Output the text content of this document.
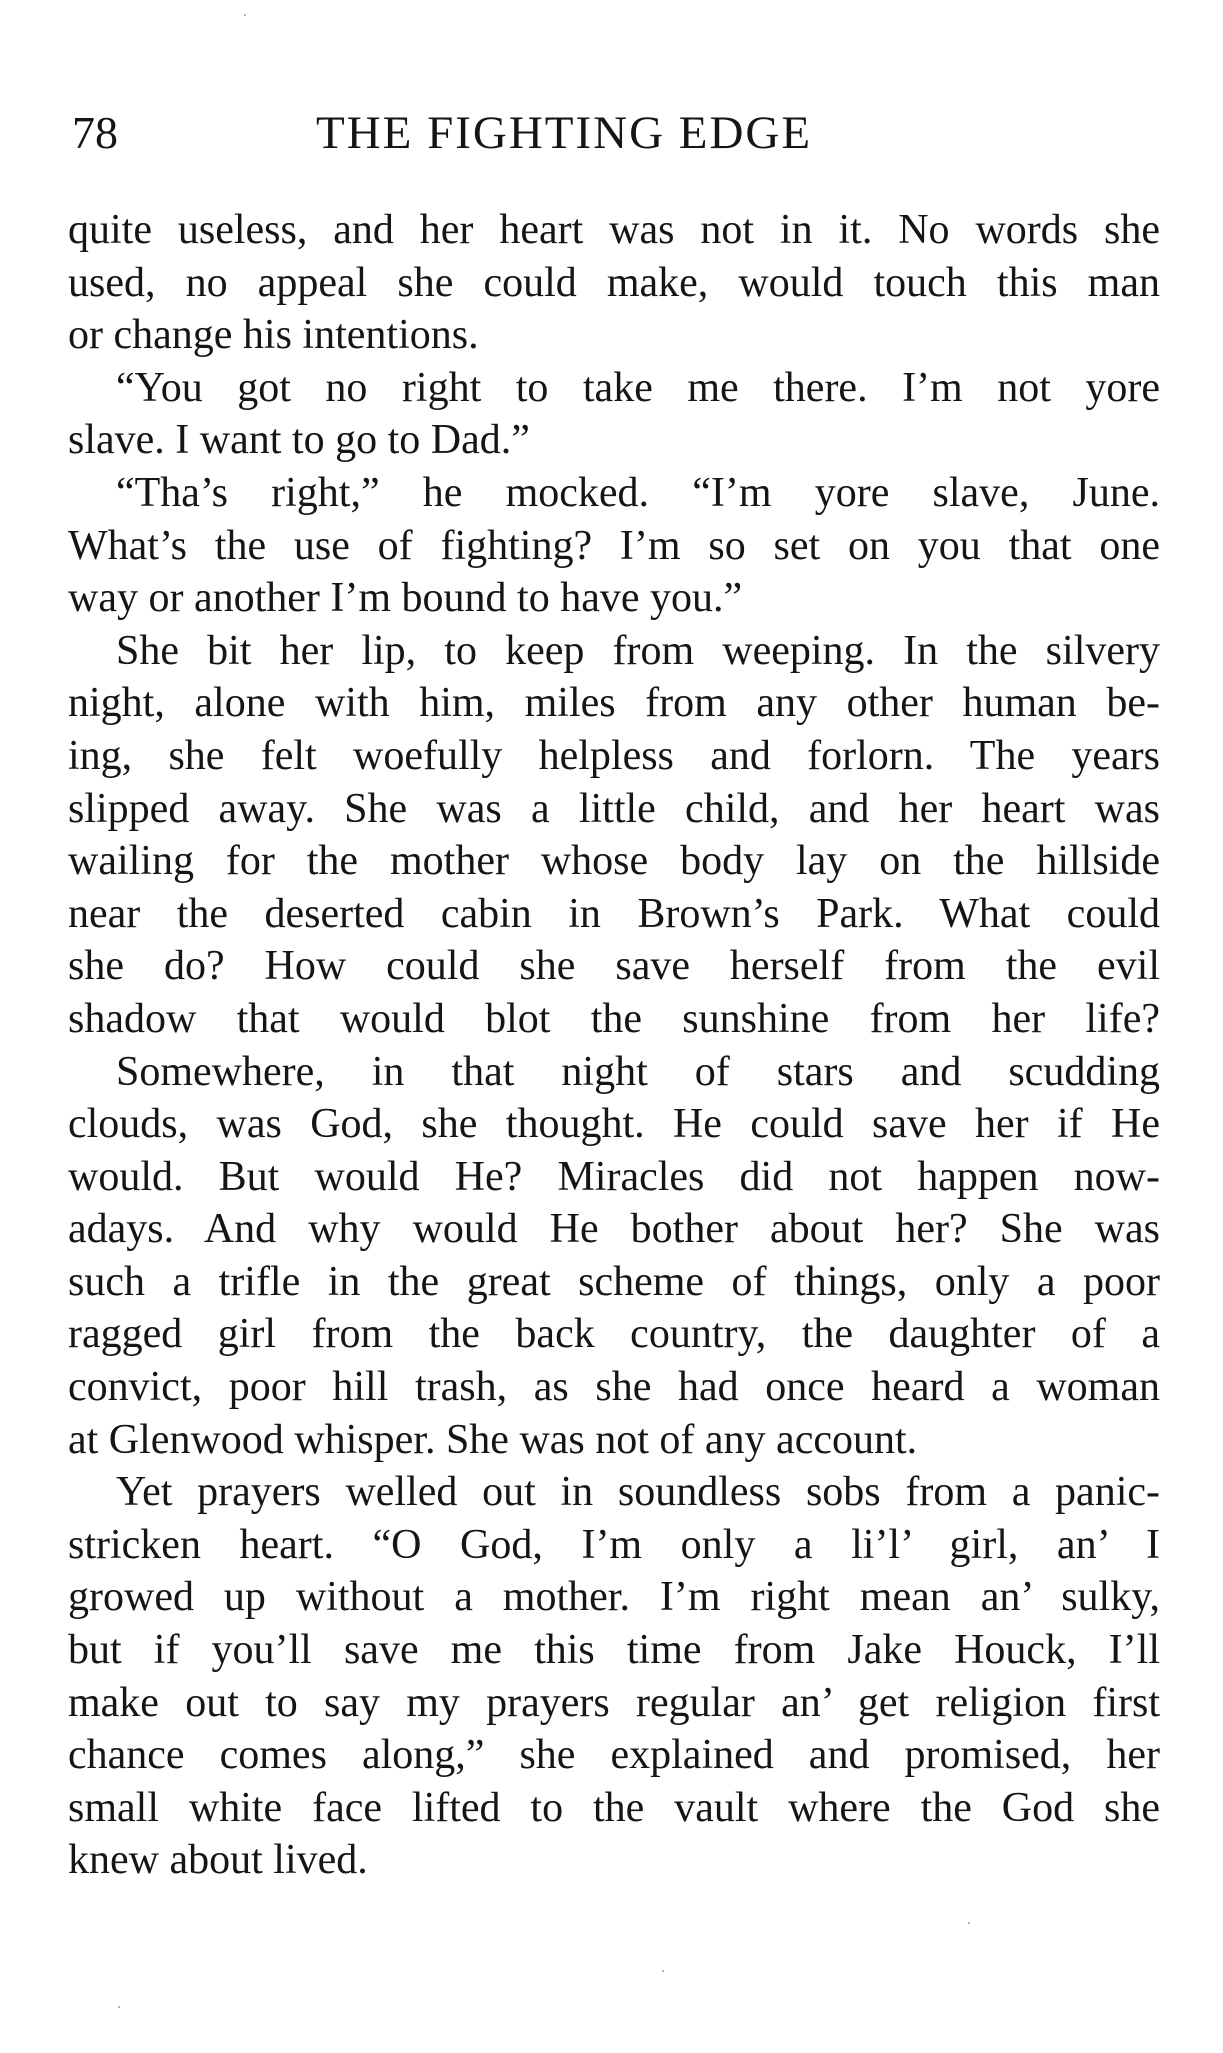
78	THE FIGHTING EDGE
quite useless, and her heart was not in it. No words she
used, no appeal she could make, would touch this man
or change his intentions.
“You got no right to take me there. I’m not yore
slave. I want to go to Dad.”
“Tha’s right,” he mocked. “I’m yore slave, June.
What’s the use of fighting? I’m so set on you that one
way or another I’m bound to have you.”
She bit her lip, to keep from weeping. In the silvery
night, alone with him, miles from any other human be-
ing, she felt woefully helpless and forlorn. The years
slipped away. She was a little child, and her heart was
wailing for the mother whose body lay on the hillside
near the deserted cabin in Brown’s Park. What could
she do? How could she save herself from the evil
shadow that would blot the sunshine from her life?
Somewhere, in that night of stars and scudding
clouds, was God, she thought. He could save her if He
would. But would He? Miracles did not happen now-
adays. And why would He bother about her? She was
such a trifle in the great scheme of things, only a poor
ragged girl from the back country, the daughter of a
convict, poor hill trash, as she had once heard a woman
at Glenwood whisper. She was not of any account.
Yet prayers welled out in soundless sobs from a panic-
stricken heart. “O God, I’m only a li’l’ girl, an’ I
growed up without a mother. I’m right mean an’ sulky,
but if you’ll save me this time from Jake Houck, I’ll
make out to say my prayers regular an’ get religion first
chance comes along,” she explained and promised, her
small white face lifted to the vault where the God she
knew about lived.
